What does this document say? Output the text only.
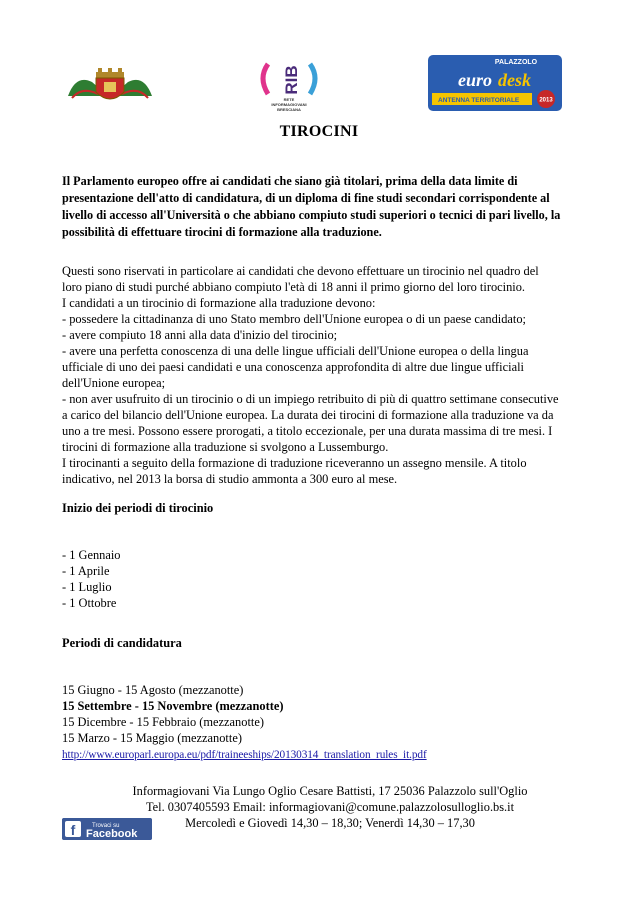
RIB
RETE
INFORMAGIOVANI
BRESCIANA
PALAZZOLO
euro desk
ANTENNA TERRITORIALE	2013
TIROCINI
Il Parlamento europeo offre ai candidati che siano già titolari, prima della data limite di presentazione dell'atto di candidatura, di un diploma di fine studi secondari corrispondente al livello di accesso all'Università o che abbiano compiuto studi superiori o tecnici di pari livello, la possibilità di effettuare tirocini di formazione alla traduzione.

Questi sono riservati in particolare ai candidati che devono effettuare un tirocinio nel quadro del

loro piano di studi purché abbiano compiuto l'età di 18 anni il primo giorno del loro tirocinio.

I candidati a un tirocinio di formazione alla traduzione devono:

- possedere la cittadinanza di uno Stato membro dell'Unione europea o di un paese candidato;

- avere compiuto 18 anni alla data d'inizio del tirocinio;

- avere una perfetta conoscenza di una delle lingue ufficiali dell'Unione europea o della lingua

ufficiale di uno dei paesi candidati e una conoscenza approfondita di altre due lingue ufficiali

dell'Unione europea;

- non aver usufruito di un tirocinio o di un impiego retribuito di più di quattro settimane consecutive

a carico del bilancio dell'Unione europea. La durata dei tirocini di formazione alla traduzione va da

uno a tre mesi. Possono essere prorogati, a titolo eccezionale, per una durata massima di tre mesi. I

tirocini di formazione alla traduzione si svolgono a Lussemburgo.

I tirocinanti a seguito della formazione di traduzione riceveranno un assegno mensile. A titolo

indicativo, nel 2013 la borsa di studio ammonta a 300 euro al mese.

Inizio dei periodi di tirocinio

- 1 Gennaio

- 1 Aprile

- 1 Luglio

- 1 Ottobre

Periodi di candidatura

15 Giugno - 15 Agosto (mezzanotte)

15 Settembre - 15 Novembre (mezzanotte)

15 Dicembre - 15 Febbraio (mezzanotte)

15 Marzo - 15 Maggio (mezzanotte)

http://www.europarl.europa.eu/pdf/traineeships/20130314_translation_rules_it.pdf

Informagiovani Via Lungo Oglio Cesare Battisti, 17 25036 Palazzolo sull'Oglio
Tel. 0307405593 Email: informagiovani@comune.palazzolosulloglio.bs.it
Mercoledì e Giovedì 14,30 – 18,30; Venerdì 14,30 – 17,30
f	Trovaci su
Facebook
